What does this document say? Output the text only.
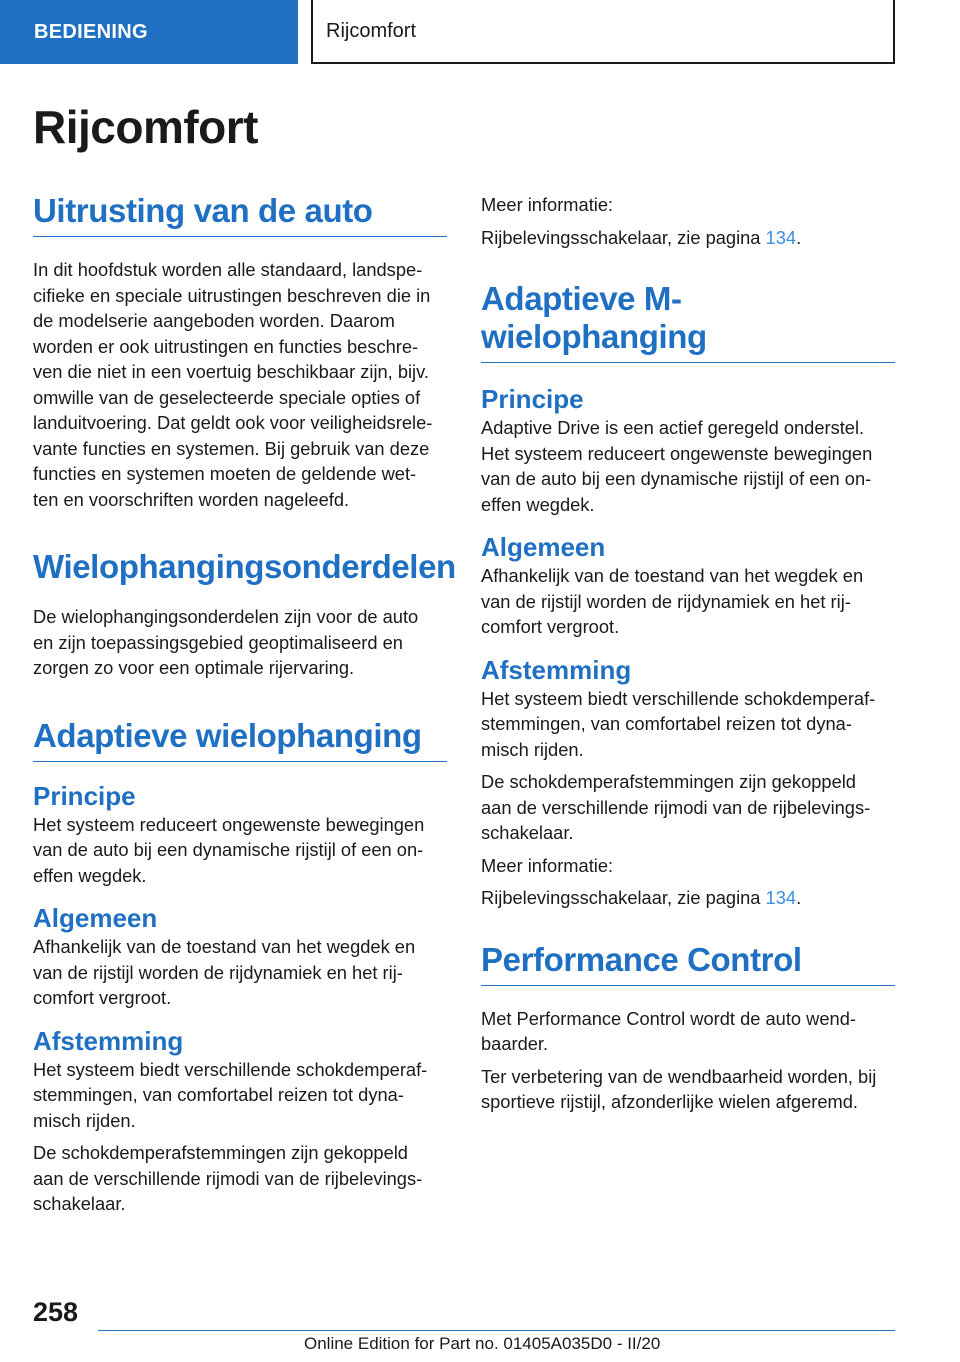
BEDIENING	Rijcomfort
Rijcomfort
Uitrusting van de auto
In dit hoofdstuk worden alle standaard, landspe-
cifieke en speciale uitrustingen beschreven die in
de modelserie aangeboden worden. Daarom
worden er ook uitrustingen en functies beschre-
ven die niet in een voertuig beschikbaar zijn, bijv.
omwille van de geselecteerde speciale opties of
landuitvoering. Dat geldt ook voor veiligheidsrele-
vante functies en systemen. Bij gebruik van deze
functies en systemen moeten de geldende wet-
ten en voorschriften worden nageleefd.
Wielophangingsonderdelen
De wielophangingsonderdelen zijn voor de auto
en zijn toepassingsgebied geoptimaliseerd en
zorgen zo voor een optimale rijervaring.
Adaptieve wielophanging
Principe
Het systeem reduceert ongewenste bewegingen
van de auto bij een dynamische rijstijl of een on-
effen wegdek.
Algemeen
Afhankelijk van de toestand van het wegdek en
van de rijstijl worden de rijdynamiek en het rij-
comfort vergroot.
Afstemming
Het systeem biedt verschillende schokdemperaf-
stemmingen, van comfortabel reizen tot dyna-
misch rijden.
De schokdemperafstemmingen zijn gekoppeld
aan de verschillende rijmodi van de rijbelevings-
schakelaar.
Meer informatie:
Rijbelevingsschakelaar, zie pagina 134.
Adaptieve M-
wielophanging
Principe
Adaptive Drive is een actief geregeld onderstel.
Het systeem reduceert ongewenste bewegingen
van de auto bij een dynamische rijstijl of een on-
effen wegdek.
Algemeen
Afhankelijk van de toestand van het wegdek en
van de rijstijl worden de rijdynamiek en het rij-
comfort vergroot.
Afstemming
Het systeem biedt verschillende schokdemperaf-
stemmingen, van comfortabel reizen tot dyna-
misch rijden.
De schokdemperafstemmingen zijn gekoppeld
aan de verschillende rijmodi van de rijbelevings-
schakelaar.
Meer informatie:
Rijbelevingsschakelaar, zie pagina 134.
Performance Control
Met Performance Control wordt de auto wend-
baarder.
Ter verbetering van de wendbaarheid worden, bij
sportieve rijstijl, afzonderlijke wielen afgeremd.
258
Online Edition for Part no. 01405A035D0 - II/20
